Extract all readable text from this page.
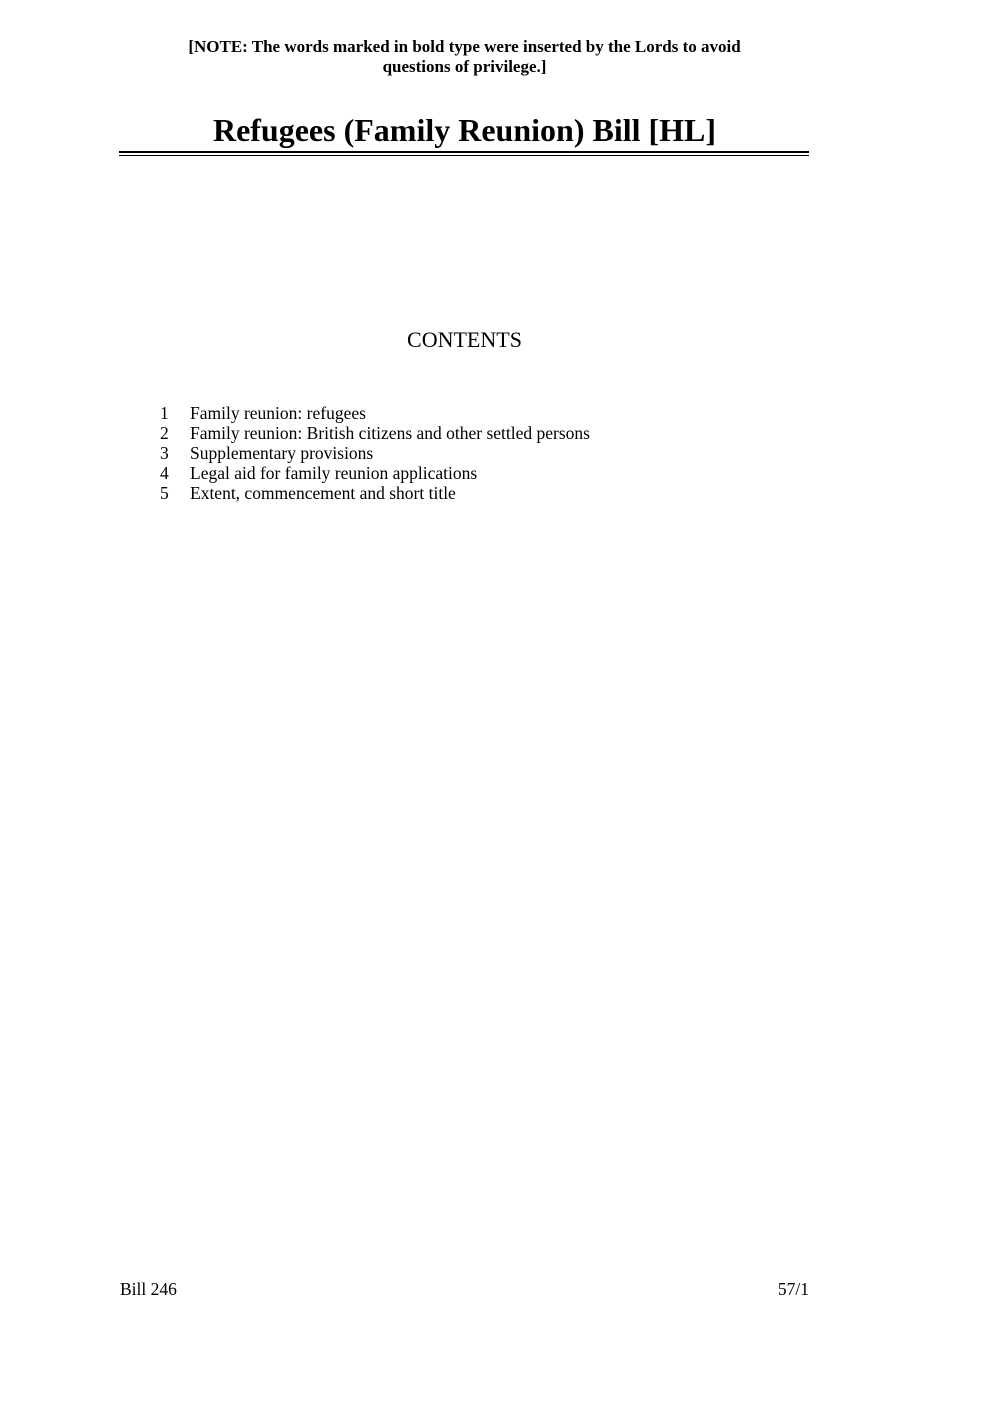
[NOTE: The words marked in bold type were inserted by the Lords to avoid
questions of privilege.]
Refugees (Family Reunion) Bill [HL]
CONTENTS
1	Family reunion: refugees
2	Family reunion: British citizens and other settled persons
3	Supplementary provisions
4	Legal aid for family reunion applications
5	Extent, commencement and short title
Bill 246	57/1
